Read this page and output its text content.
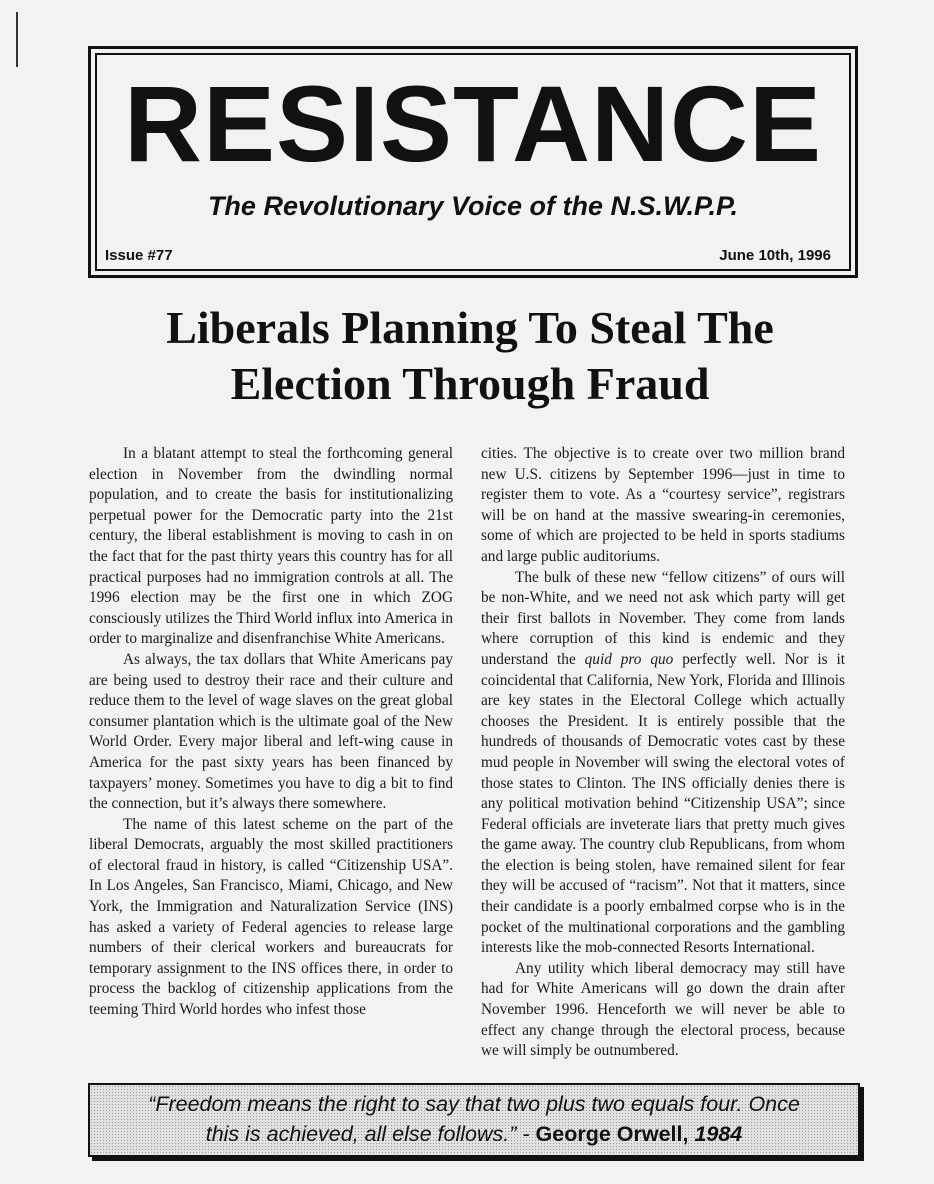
RESISTANCE
The Revolutionary Voice of the N.S.W.P.P.
Issue #77	June 10th, 1996
Liberals Planning To Steal The
Election Through Fraud

In a blatant attempt to steal the forthcoming general election in November from the dwindling normal population, and to create the basis for institutionalizing perpetual power for the Democratic party into the 21st century, the liberal establishment is moving to cash in on the fact that for the past thirty years this country has for all practical purposes had no immigration controls at all. The 1996 election may be the first one in which ZOG consciously utilizes the Third World influx into America in order to marginalize and disenfranchise White Americans.

As always, the tax dollars that White Americans pay are being used to destroy their race and their culture and reduce them to the level of wage slaves on the great global consumer plantation which is the ultimate goal of the New World Order. Every major liberal and left-wing cause in America for the past sixty years has been financed by taxpayers’ money. Sometimes you have to dig a bit to find the connection, but it’s always there somewhere.

The name of this latest scheme on the part of the liberal Democrats, arguably the most skilled practitioners of electoral fraud in history, is called “Citizenship USA”. In Los Angeles, San Francisco, Miami, Chicago, and New York, the Immigration and Naturalization Service (INS) has asked a variety of Federal agencies to release large numbers of their clerical workers and bureaucrats for temporary assignment to the INS offices there, in order to process the backlog of citizenship applications from the teeming Third World hordes who infest those

cities. The objective is to create over two million brand new U.S. citizens by September 1996—just in time to register them to vote. As a “courtesy service”, registrars will be on hand at the massive swearing-in ceremonies, some of which are projected to be held in sports stadiums and large public auditoriums.

The bulk of these new “fellow citizens” of ours will be non-White, and we need not ask which party will get their first ballots in November. They come from lands where corruption of this kind is endemic and they understand the quid pro quo perfectly well. Nor is it coincidental that California, New York, Florida and Illinois are key states in the Electoral College which actually chooses the President. It is entirely possible that the hundreds of thousands of Democratic votes cast by these mud people in November will swing the electoral votes of those states to Clinton. The INS officially denies there is any political motivation behind “Citizenship USA”; since Federal officials are inveterate liars that pretty much gives the game away. The country club Republicans, from whom the election is being stolen, have remained silent for fear they will be accused of “racism”. Not that it matters, since their candidate is a poorly embalmed corpse who is in the pocket of the multinational corporations and the gambling interests like the mob-connected Resorts International.

Any utility which liberal democracy may still have had for White Americans will go down the drain after November 1996. Henceforth we will never be able to effect any change through the electoral process, because we will simply be outnumbered.

“Freedom means the right to say that two plus two equals four. Once
this is achieved, all else follows.” - George Orwell, 1984
